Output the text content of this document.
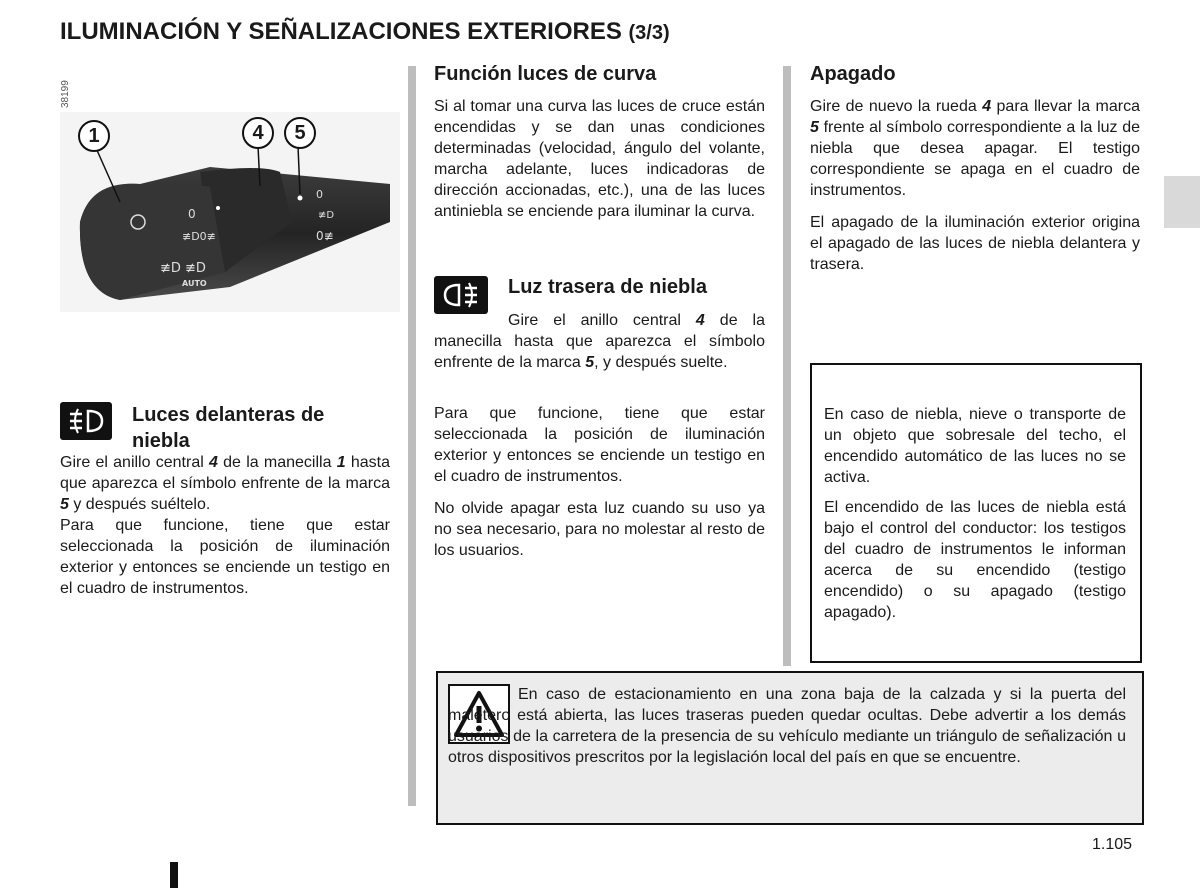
ILUMINACIÓN Y SEÑALIZACIONES EXTERIORES (3/3)
38199
0
≢D0≢
≢D ≢D
AUTO
0
≢D
0≢
1	4	5
Luces delanteras de niebla

Gire el anillo central 4 de la manecilla 1 hasta que aparezca el símbolo enfrente de la marca 5 y después suéltelo.

Para que funcione, tiene que estar seleccionada la posición de iluminación exterior y entonces se enciende un testigo en el cuadro de instrumentos.

Función luces de curva
Si al tomar una curva las luces de cruce están encendidas y se dan unas condiciones determinadas (velocidad, ángulo del volante, marcha adelante, luces indicadoras de dirección accionadas, etc.), una de las luces antiniebla se enciende para iluminar la curva.
Luz trasera de niebla
Gire el anillo central 4 de la manecilla hasta que aparezca el símbolo enfrente de la marca 5, y después suelte.
Para que funcione, tiene que estar seleccionada la posición de iluminación exterior y entonces se enciende un testigo en el cuadro de instrumentos.
No olvide apagar esta luz cuando su uso ya no sea necesario, para no molestar al resto de los usuarios.
Apagado
Gire de nuevo la rueda 4 para llevar la marca 5 frente al símbolo correspondiente a la luz de niebla que desea apagar. El testigo correspondiente se apaga en el cuadro de instrumentos.
El apagado de la iluminación exterior origina el apagado de las luces de niebla delantera y trasera.
En caso de niebla, nieve o transporte de un objeto que sobresale del techo, el encendido automático de las luces no se activa.
El encendido de las luces de niebla está bajo el control del conductor: los testigos del cuadro de instrumentos le informan acerca de su encendido (testigo encendido) o su apagado (testigo apagado).
En caso de estacionamiento en una zona baja de la calzada y si la puerta del maletero está abierta, las luces traseras pueden quedar ocultas. Debe advertir a los demás usuarios de la carretera de la presencia de su vehículo mediante un triángulo de señalización u otros dispositivos prescritos por la legislación local del país en que se encuentre.
1.105
